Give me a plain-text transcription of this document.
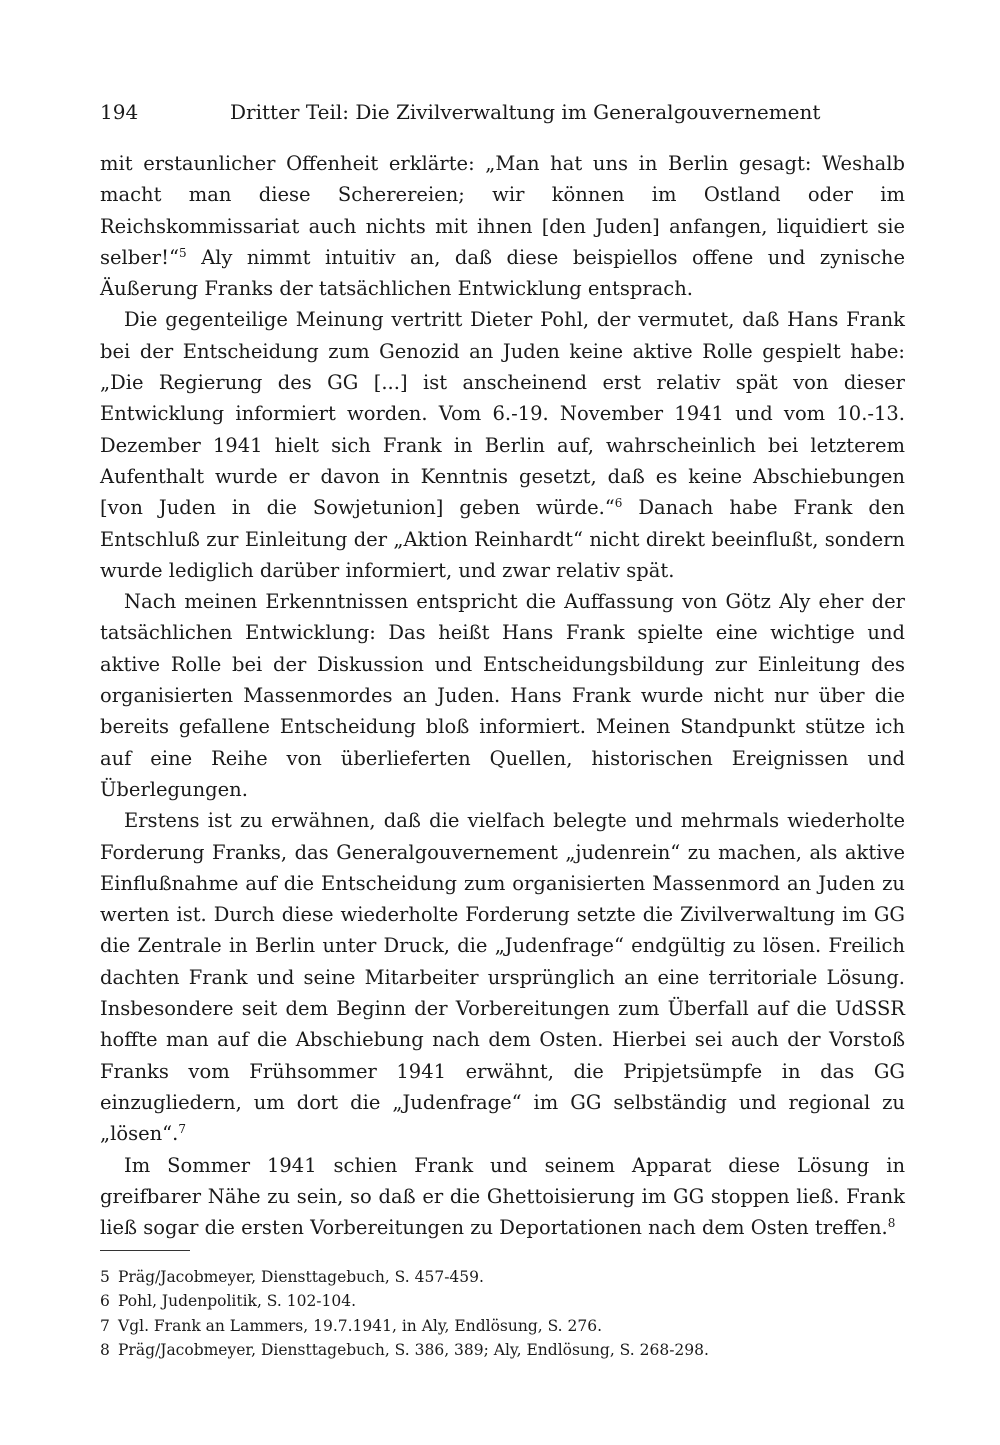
194	Dritter Teil: Die Zivilverwaltung im Generalgouvernement

mit erstaunlicher Offenheit erklärte: „Man hat uns in Berlin gesagt: Weshalb macht man diese Scherereien; wir können im Ostland oder im Reichskommissariat auch nichts mit ihnen [den Juden] anfangen, liquidiert sie selber!“$^5$ Aly nimmt intuitiv an, daß diese beispiellos offene und zynische Äußerung Franks der tatsächlichen Entwicklung entsprach.

Die gegenteilige Meinung vertritt Dieter Pohl, der vermutet, daß Hans Frank bei der Entscheidung zum Genozid an Juden keine aktive Rolle gespielt habe: „Die Regierung des GG [...] ist anscheinend erst relativ spät von dieser Entwicklung informiert worden. Vom 6.-19. November 1941 und vom 10.-13. Dezember 1941 hielt sich Frank in Berlin auf, wahrscheinlich bei letzterem Aufenthalt wurde er davon in Kenntnis gesetzt, daß es keine Abschiebungen [von Juden in die Sowjetunion] geben würde.“$^6$ Danach habe Frank den Entschluß zur Einleitung der „Aktion Reinhardt“ nicht direkt beeinflußt, sondern wurde lediglich darüber informiert, und zwar relativ spät.

Nach meinen Erkenntnissen entspricht die Auffassung von Götz Aly eher der tatsächlichen Entwicklung: Das heißt Hans Frank spielte eine wichtige und aktive Rolle bei der Diskussion und Entscheidungsbildung zur Einleitung des organisierten Massenmordes an Juden. Hans Frank wurde nicht nur über die bereits gefallene Entscheidung bloß informiert. Meinen Standpunkt stütze ich auf eine Reihe von überlieferten Quellen, historischen Ereignissen und Überlegungen.

Erstens ist zu erwähnen, daß die vielfach belegte und mehrmals wiederholte Forderung Franks, das Generalgouvernement „judenrein“ zu machen, als aktive Einflußnahme auf die Entscheidung zum organisierten Massenmord an Juden zu werten ist. Durch diese wiederholte Forderung setzte die Zivilverwaltung im GG die Zentrale in Berlin unter Druck, die „Judenfrage“ endgültig zu lösen. Freilich dachten Frank und seine Mitarbeiter ursprünglich an eine territoriale Lösung. Insbesondere seit dem Beginn der Vorbereitungen zum Überfall auf die UdSSR hoffte man auf die Abschiebung nach dem Osten. Hierbei sei auch der Vorstoß Franks vom Frühsommer 1941 erwähnt, die Pripjetsümpfe in das GG einzugliedern, um dort die „Judenfrage“ im GG selbständig und regional zu „lösen“.$^7$

Im Sommer 1941 schien Frank und seinem Apparat diese Lösung in greifbarer Nähe zu sein, so daß er die Ghettoisierung im GG stoppen ließ. Frank ließ sogar die ersten Vorbereitungen zu Deportationen nach dem Osten treffen.$^8$

5 Präg/Jacobmeyer, Diensttagebuch, S. 457-459.
6 Pohl, Judenpolitik, S. 102-104.
7 Vgl. Frank an Lammers, 19.7.1941, in Aly, Endlösung, S. 276.
8 Präg/Jacobmeyer, Diensttagebuch, S. 386, 389; Aly, Endlösung, S. 268-298.
